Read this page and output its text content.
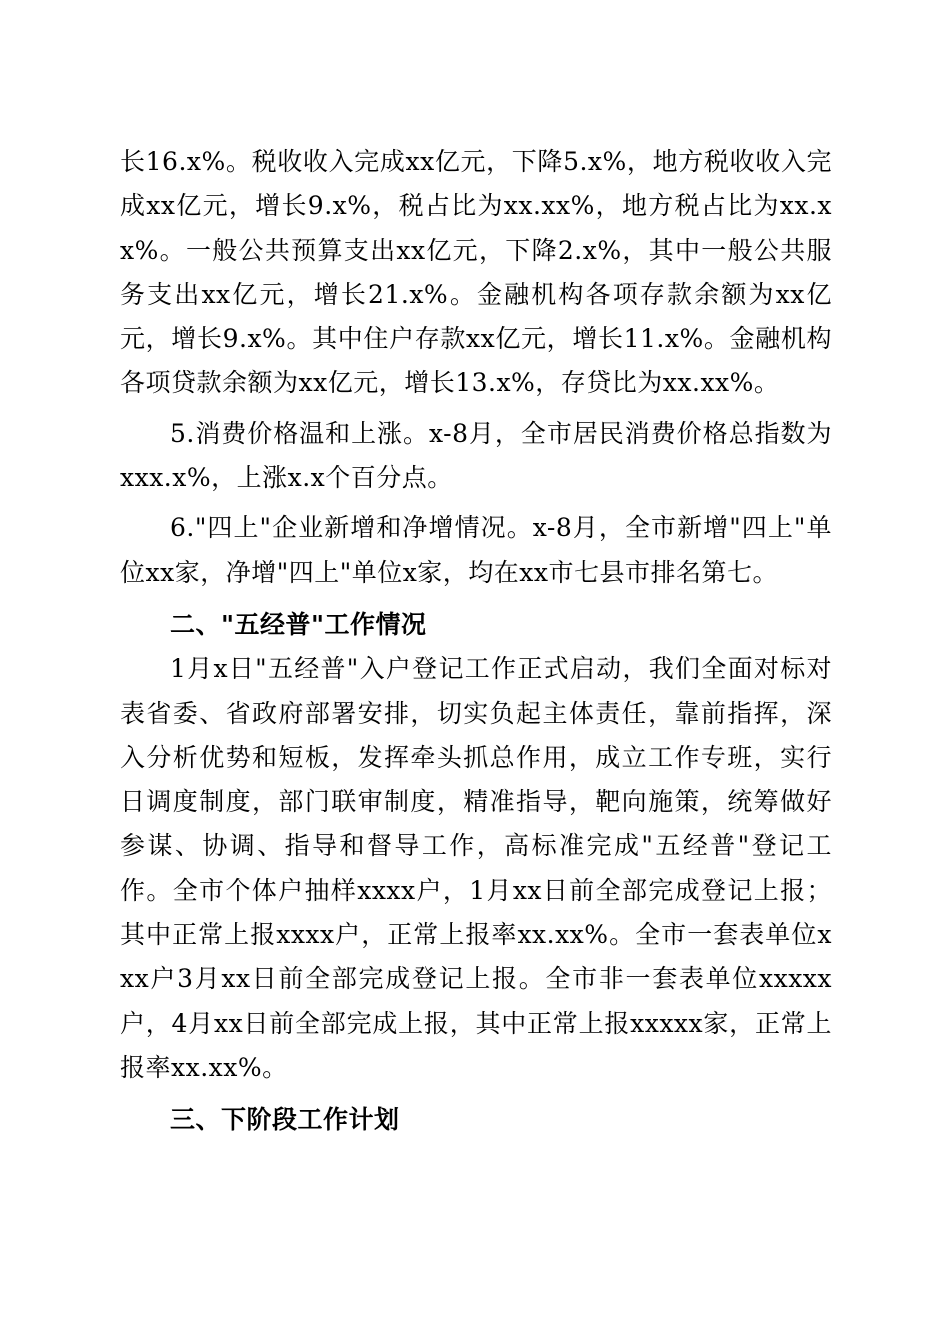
长16.x%。税收收入完成xx亿元，下降5.x%，地方税收收入完成xx亿元，增长9.x%，税占比为xx.xx%，地方税占比为xx.xx%。一般公共预算支出xx亿元，下降2.x%，其中一般公共服务支出xx亿元，增长21.x%。金融机构各项存款余额为xx亿元，增长9.x%。其中住户存款xx亿元，增长11.x%。金融机构各项贷款余额为xx亿元，增长13.x%，存贷比为xx.xx%。

5.消费价格温和上涨。x-8月，全市居民消费价格总指数为xxx.x%，上涨x.x个百分点。

6."四上"企业新增和净增情况。x-8月，全市新增"四上"单位xx家，净增"四上"单位x家，均在xx市七县市排名第七。

二、"五经普"工作情况

1月x日"五经普"入户登记工作正式启动，我们全面对标对表省委、省政府部署安排，切实负起主体责任，靠前指挥，深入分析优势和短板，发挥牵头抓总作用，成立工作专班，实行日调度制度，部门联审制度，精准指导，靶向施策，统筹做好参谋、协调、指导和督导工作，高标准完成"五经普"登记工作。全市个体户抽样xxxx户，1月xx日前全部完成登记上报；其中正常上报xxxx户，正常上报率xx.xx%。全市一套表单位xxx户3月xx日前全部完成登记上报。全市非一套表单位xxxxx户，4月xx日前全部完成上报，其中正常上报xxxxx家，正常上报率xx.xx%。

三、下阶段工作计划
